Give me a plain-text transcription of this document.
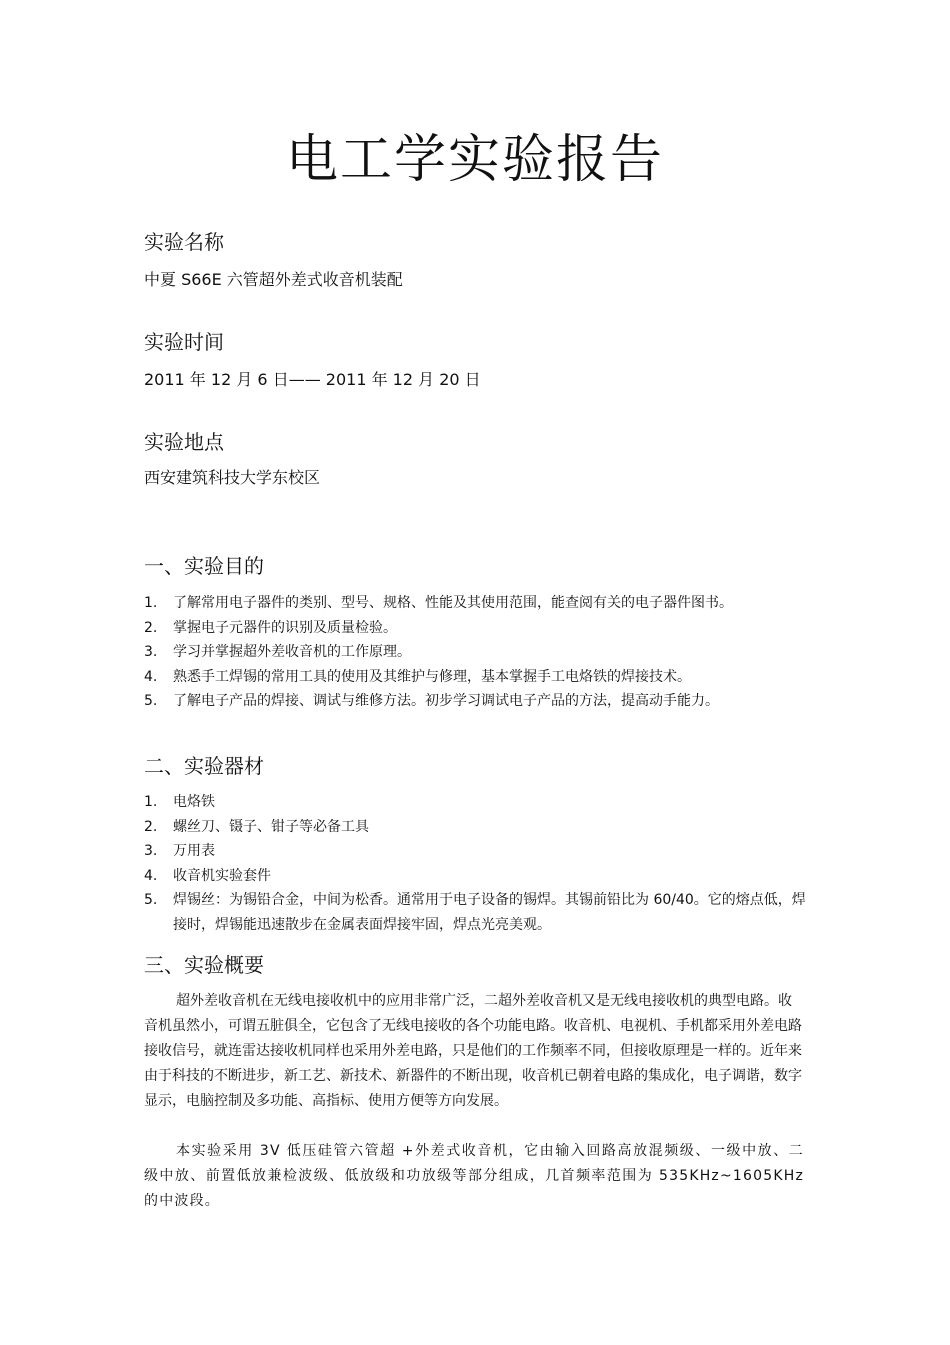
电工学实验报告
实验名称
中夏 S66E 六管超外差式收音机装配
实验时间
2011 年 12 月 6 日—— 2011 年 12 月 20 日
实验地点
西安建筑科技大学东校区
一、实验目的
1. 了解常用电子器件的类别、型号、规格、性能及其使用范围，能查阅有关的电子器件图书。
2. 掌握电子元器件的识别及质量检验。
3. 学习并掌握超外差收音机的工作原理。
4. 熟悉手工焊锡的常用工具的使用及其维护与修理，基本掌握手工电烙铁的焊接技术。
5. 了解电子产品的焊接、调试与维修方法。初步学习调试电子产品的方法，提高动手能力。
二、实验器材
1. 电烙铁
2. 螺丝刀、镊子、钳子等必备工具
3. 万用表
4. 收音机实验套件
5. 焊锡丝：为锡铅合金，中间为松香。通常用于电子设备的锡焊。其锡前铅比为 60/40。它的熔点低，焊接时，焊锡能迅速散步在金属表面焊接牢固，焊点光亮美观。
三、实验概要

超外差收音机在无线电接收机中的应用非常广泛，二超外差收音机又是无线电接收机的典型电路。收音机虽然小，可谓五脏俱全，它包含了无线电接收的各个功能电路。收音机、电视机、手机都采用外差电路接收信号，就连雷达接收机同样也采用外差电路，只是他们的工作频率不同，但接收原理是一样的。近年来由于科技的不断进步，新工艺、新技术、新器件的不断出现，收音机已朝着电路的集成化，电子调谐，数字显示，电脑控制及多功能、高指标、使用方便等方向发展。

本实验采用 3V 低压硅管六管超 +外差式收音机，它由输入回路高放混频级、一级中放、二级中放、前置低放兼检波级、低放级和功放级等部分组成，几首频率范围为 535KHz~1605KHz的中波段。
